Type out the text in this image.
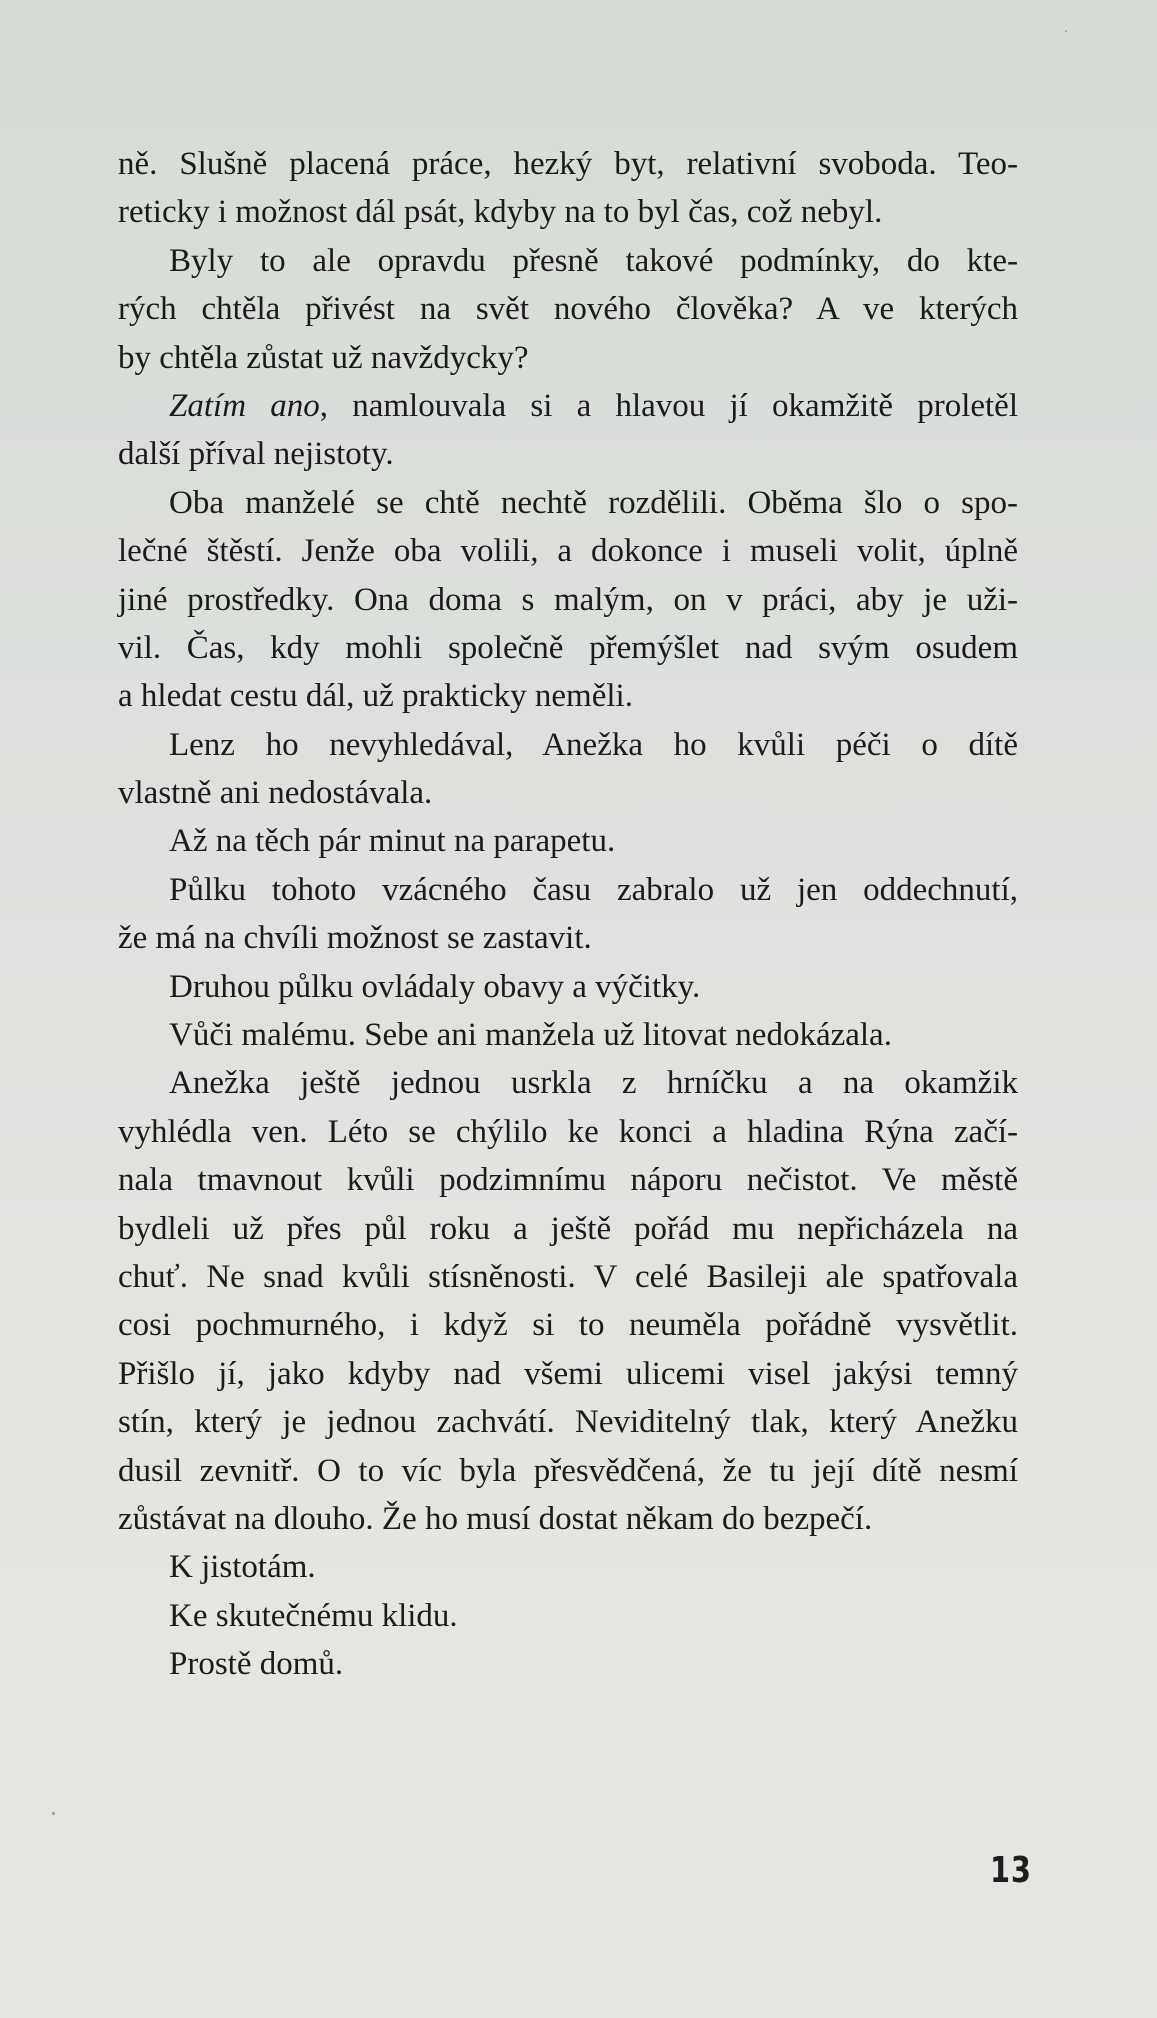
ně. Slušně placená práce, hezký byt, relativní svoboda. Teo-
reticky i možnost dál psát, kdyby na to byl čas, což nebyl.
Byly to ale opravdu přesně takové podmínky, do kte-
rých chtěla přivést na svět nového člověka? A ve kterých
by chtěla zůstat už navždycky?
Zatím ano, namlouvala si a hlavou jí okamžitě proletěl
další příval nejistoty.
Oba manželé se chtě nechtě rozdělili. Oběma šlo o spo-
lečné štěstí. Jenže oba volili, a dokonce i museli volit, úplně
jiné prostředky. Ona doma s malým, on v práci, aby je uži-
vil. Čas, kdy mohli společně přemýšlet nad svým osudem
a hledat cestu dál, už prakticky neměli.
Lenz ho nevyhledával, Anežka ho kvůli péči o dítě
vlastně ani nedostávala.
Až na těch pár minut na parapetu.
Půlku tohoto vzácného času zabralo už jen oddechnutí,
že má na chvíli možnost se zastavit.
Druhou půlku ovládaly obavy a výčitky.
Vůči malému. Sebe ani manžela už litovat nedokázala.
Anežka ještě jednou usrkla z hrníčku a na okamžik
vyhlédla ven. Léto se chýlilo ke konci a hladina Rýna začí-
nala tmavnout kvůli podzimnímu náporu nečistot. Ve městě
bydleli už přes půl roku a ještě pořád mu nepřicházela na
chuť. Ne snad kvůli stísněnosti. V celé Basileji ale spatřovala
cosi pochmurného, i když si to neuměla pořádně vysvětlit.
Přišlo jí, jako kdyby nad všemi ulicemi visel jakýsi temný
stín, který je jednou zachvátí. Neviditelný tlak, který Anežku
dusil zevnitř. O to víc byla přesvědčená, že tu její dítě nesmí
zůstávat na dlouho. Že ho musí dostat někam do bezpečí.
K jistotám.
Ke skutečnému klidu.
Prostě domů.
13
